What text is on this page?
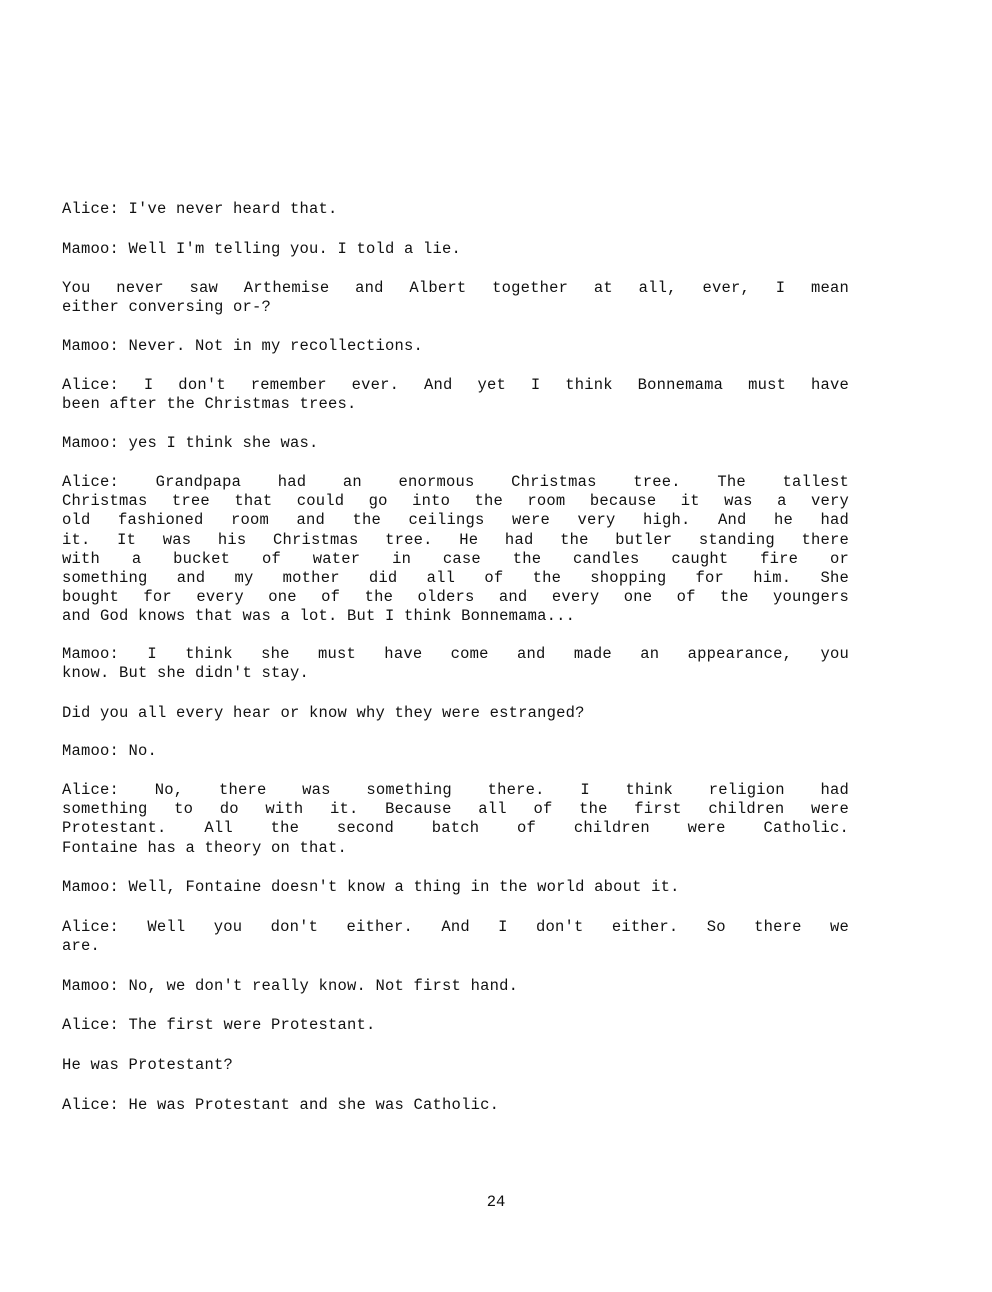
Alice: I've never heard that.

Mamoo: Well I'm telling you. I told a lie.

You never saw Arthemise and Albert together at all, ever, I mean
either conversing or-?

Mamoo: Never. Not in my recollections.

Alice: I don't remember ever. And yet I think Bonnemama must have
been after the Christmas trees.

Mamoo: yes I think she was.

Alice: Grandpapa had an enormous Christmas tree. The tallest
Christmas tree that could go into the room because it was a very
old fashioned room and the ceilings were very high. And he had
it. It was his Christmas tree. He had the butler standing there
with a bucket of water in case the candles caught fire or
something and my mother did all of the shopping for him. She
bought for every one of the olders and every one of the youngers
and God knows that was a lot. But I think Bonnemama...

Mamoo: I think she must have come and made an appearance, you
know. But she didn't stay.

Did you all every hear or know why they were estranged?

Mamoo: No.

Alice: No, there was something there. I think religion had
something to do with it. Because all of the first children were
Protestant. All the second batch of children were Catholic.
Fontaine has a theory on that.

Mamoo: Well, Fontaine doesn't know a thing in the world about it.

Alice: Well you don't either. And I don't either. So there we
are.

Mamoo: No, we don't really know. Not first hand.

Alice: The first were Protestant.

He was Protestant?

Alice: He was Protestant and she was Catholic.

24
